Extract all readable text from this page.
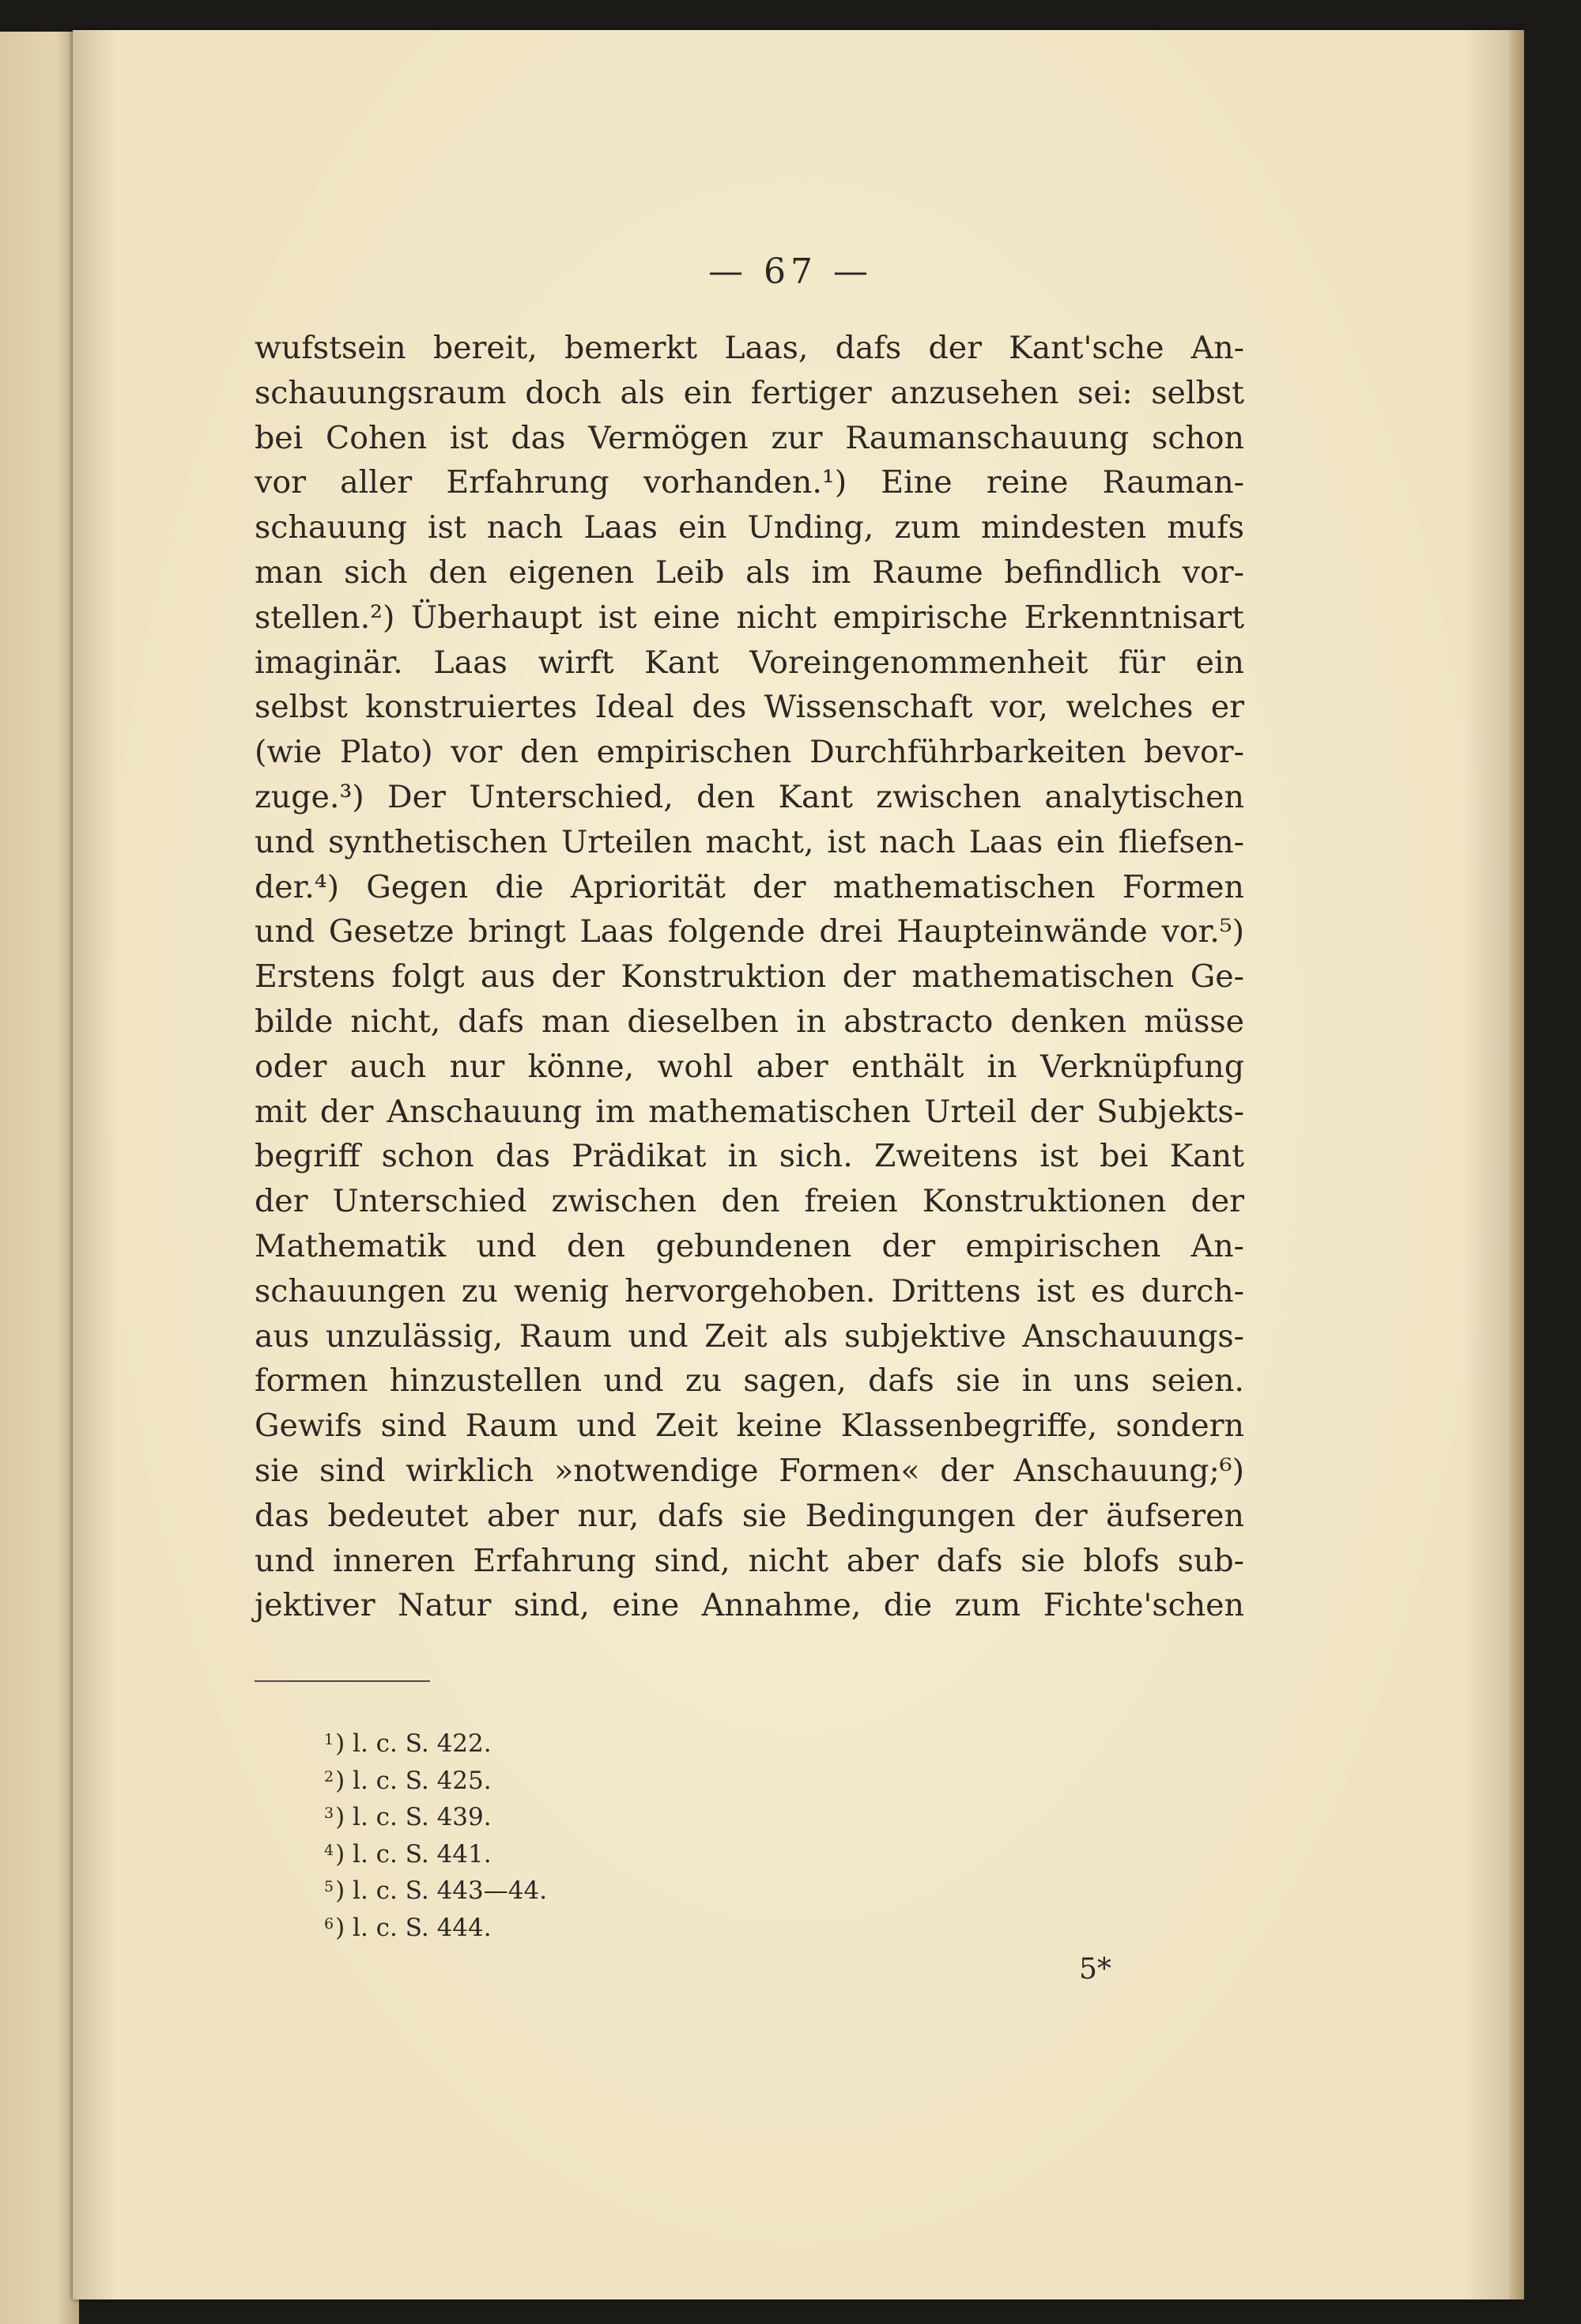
— 67 —
wufstsein bereit, bemerkt Laas, dafs der Kant'sche An-
schauungsraum doch als ein fertiger anzusehen sei: selbst
bei Cohen ist das Vermögen zur Raumanschauung schon
vor aller Erfahrung vorhanden.¹) Eine reine Rauman-
schauung ist nach Laas ein Unding, zum mindesten mufs
man sich den eigenen Leib als im Raume befindlich vor-
stellen.²) Überhaupt ist eine nicht empirische Erkenntnisart
imaginär. Laas wirft Kant Voreingenommenheit für ein
selbst konstruiertes Ideal des Wissenschaft vor, welches er
(wie Plato) vor den empirischen Durchführbarkeiten bevor-
zuge.³) Der Unterschied, den Kant zwischen analytischen
und synthetischen Urteilen macht, ist nach Laas ein fliefsen-
der.⁴) Gegen die Apriorität der mathematischen Formen
und Gesetze bringt Laas folgende drei Haupteinwände vor.⁵)
Erstens folgt aus der Konstruktion der mathematischen Ge-
bilde nicht, dafs man dieselben in abstracto denken müsse
oder auch nur könne, wohl aber enthält in Verknüpfung
mit der Anschauung im mathematischen Urteil der Subjekts-
begriff schon das Prädikat in sich. Zweitens ist bei Kant
der Unterschied zwischen den freien Konstruktionen der
Mathematik und den gebundenen der empirischen An-
schauungen zu wenig hervorgehoben. Drittens ist es durch-
aus unzulässig, Raum und Zeit als subjektive Anschauungs-
formen hinzustellen und zu sagen, dafs sie in uns seien.
Gewifs sind Raum und Zeit keine Klassenbegriffe, sondern
sie sind wirklich »notwendige Formen« der Anschauung;⁶)
das bedeutet aber nur, dafs sie Bedingungen der äufseren
und inneren Erfahrung sind, nicht aber dafs sie blofs sub-
jektiver Natur sind, eine Annahme, die zum Fichte'schen
$^1$) l. c. S. 422.
$^2$) l. c. S. 425.
$^3$) l. c. S. 439.
$^4$) l. c. S. 441.
$^5$) l. c. S. 443—44.
$^6$) l. c. S. 444.
5*
